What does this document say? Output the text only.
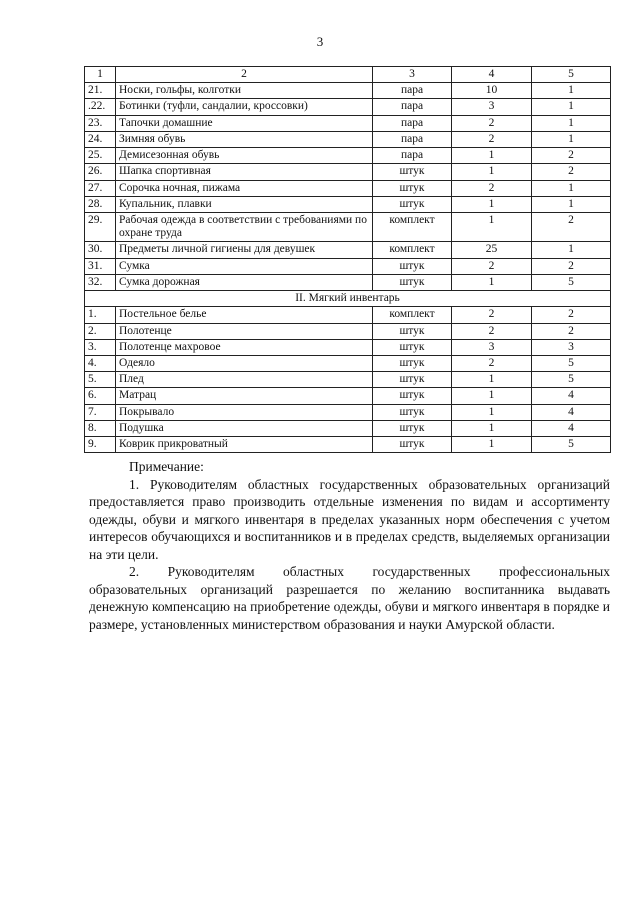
3
1	2	3	4	5
21.	Носки, гольфы, колготки	пара	10	1
.22.	Ботинки (туфли, сандалии, кроссовки)	пара	3	1
23.	Тапочки домашние	пара	2	1
24.	Зимняя обувь	пара	2	1
25.	Демисезонная обувь	пара	1	2
26.	Шапка спортивная	штук	1	2
27.	Сорочка ночная, пижама	штук	2	1
28.	Купальник, плавки	штук	1	1
29.	Рабочая одежда в соответствии с требованиями по охране труда	комплект	1	2
30.	Предметы личной гигиены для девушек	комплект	25	1
31.	Сумка	штук	2	2
32.	Сумка дорожная	штук	1	5
II. Мягкий инвентарь				
1.	Постельное белье	комплект	2	2
2.	Полотенце	штук	2	2
3.	Полотенце махровое	штук	3	3
4.	Одеяло	штук	2	5
5.	Плед	штук	1	5
6.	Матрац	штук	1	4
7.	Покрывало	штук	1	4
8.	Подушка	штук	1	4
9.	Коврик прикроватный	штук	1	5

Примечание:

1. Руководителям областных государственных образовательных организаций предоставляется право производить отдельные изменения по видам и ассортименту одежды, обуви и мягкого инвентаря в пределах указанных норм обеспечения с учетом интересов обучающихся и воспитанников и в пределах средств, выделяемых организации на эти цели.

2. Руководителям областных государственных профессиональных образовательных организаций разрешается по желанию воспитанника выдавать денежную компенсацию на приобретение одежды, обуви и мягкого инвентаря в порядке и размере, установленных министерством образования и науки Амурской области.
